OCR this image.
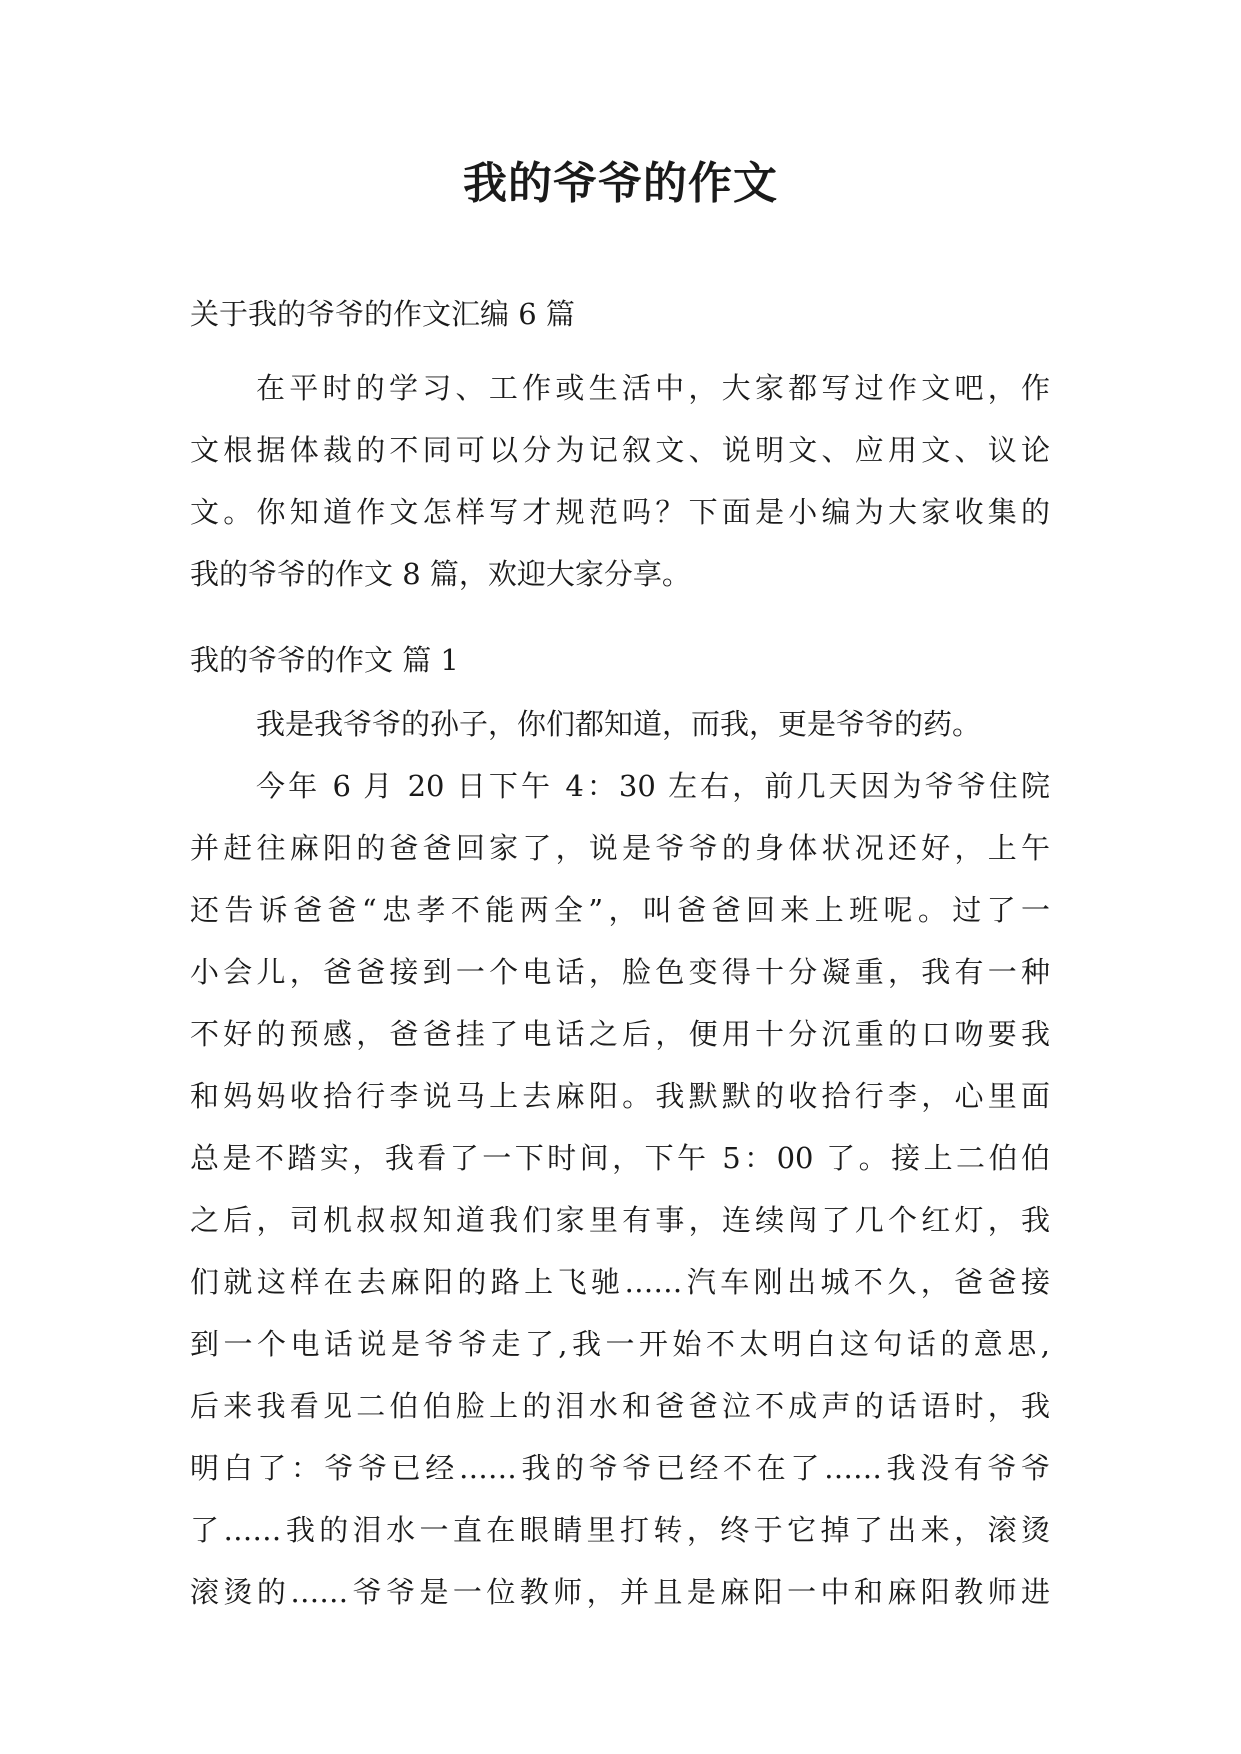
我的爷爷的作文
关于我的爷爷的作文汇编 6 篇
在平时的学习、工作或生活中，大家都写过作文吧，作
文根据体裁的不同可以分为记叙文、说明文、应用文、议论
文。你知道作文怎样写才规范吗？下面是小编为大家收集的
我的爷爷的作文 8 篇，欢迎大家分享。
我的爷爷的作文 篇 1
我是我爷爷的孙子，你们都知道，而我，更是爷爷的药。
今年 6 月 20 日下午 4：30 左右，前几天因为爷爷住院
并赶往麻阳的爸爸回家了，说是爷爷的身体状况还好，上午
还告诉爸爸“忠孝不能两全”，叫爸爸回来上班呢。过了一
小会儿，爸爸接到一个电话，脸色变得十分凝重，我有一种
不好的预感，爸爸挂了电话之后，便用十分沉重的口吻要我
和妈妈收拾行李说马上去麻阳。我默默的收拾行李，心里面
总是不踏实，我看了一下时间，下午 5：00 了。接上二伯伯
之后，司机叔叔知道我们家里有事，连续闯了几个红灯，我
们就这样在去麻阳的路上飞驰……汽车刚出城不久，爸爸接
到一个电话说是爷爷走了,我一开始不太明白这句话的意思,
后来我看见二伯伯脸上的泪水和爸爸泣不成声的话语时，我
明白了：爷爷已经……我的爷爷已经不在了……我没有爷爷
了……我的泪水一直在眼睛里打转，终于它掉了出来，滚烫
滚烫的……爷爷是一位教师，并且是麻阳一中和麻阳教师进
